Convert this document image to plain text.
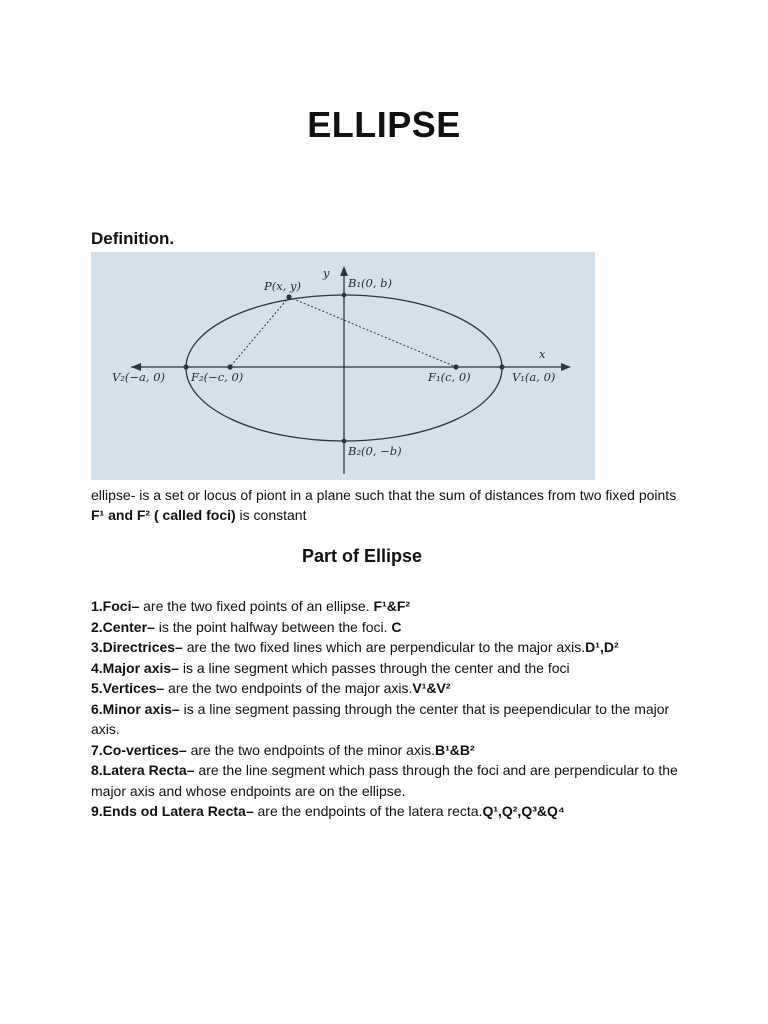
ELLIPSE
Definition.
y
x
P(x, y)	B₁(0, b)
B₂(0, −b)
V₂(−a, 0) F₂(−c, 0)	F₁(c, 0)	V₁(a, 0)

ellipse- is a set or locus of piont in a plane such that the sum of distances from two fixed points F¹ and F² ( called foci) is constant

Part of Ellipse
1.Foci– are the two fixed points of an ellipse. F¹&F²
2.Center– is the point halfway between the foci. C
3.Directrices– are the two fixed lines which are perpendicular to the major axis.D¹,D²
4.Major axis– is a line segment which passes through the center and the foci
5.Vertices– are the two endpoints of the major axis.V¹&V²
6.Minor axis– is a line segment passing through the center that is peependicular to the major axis.
7.Co-vertices– are the two endpoints of the minor axis.B¹&B²
8.Latera Recta– are the line segment which pass through the foci and are perpendicular to the major axis and whose endpoints are on the ellipse.
9.Ends od Latera Recta– are the endpoints of the latera recta.Q¹,Q²,Q³&Q⁴
